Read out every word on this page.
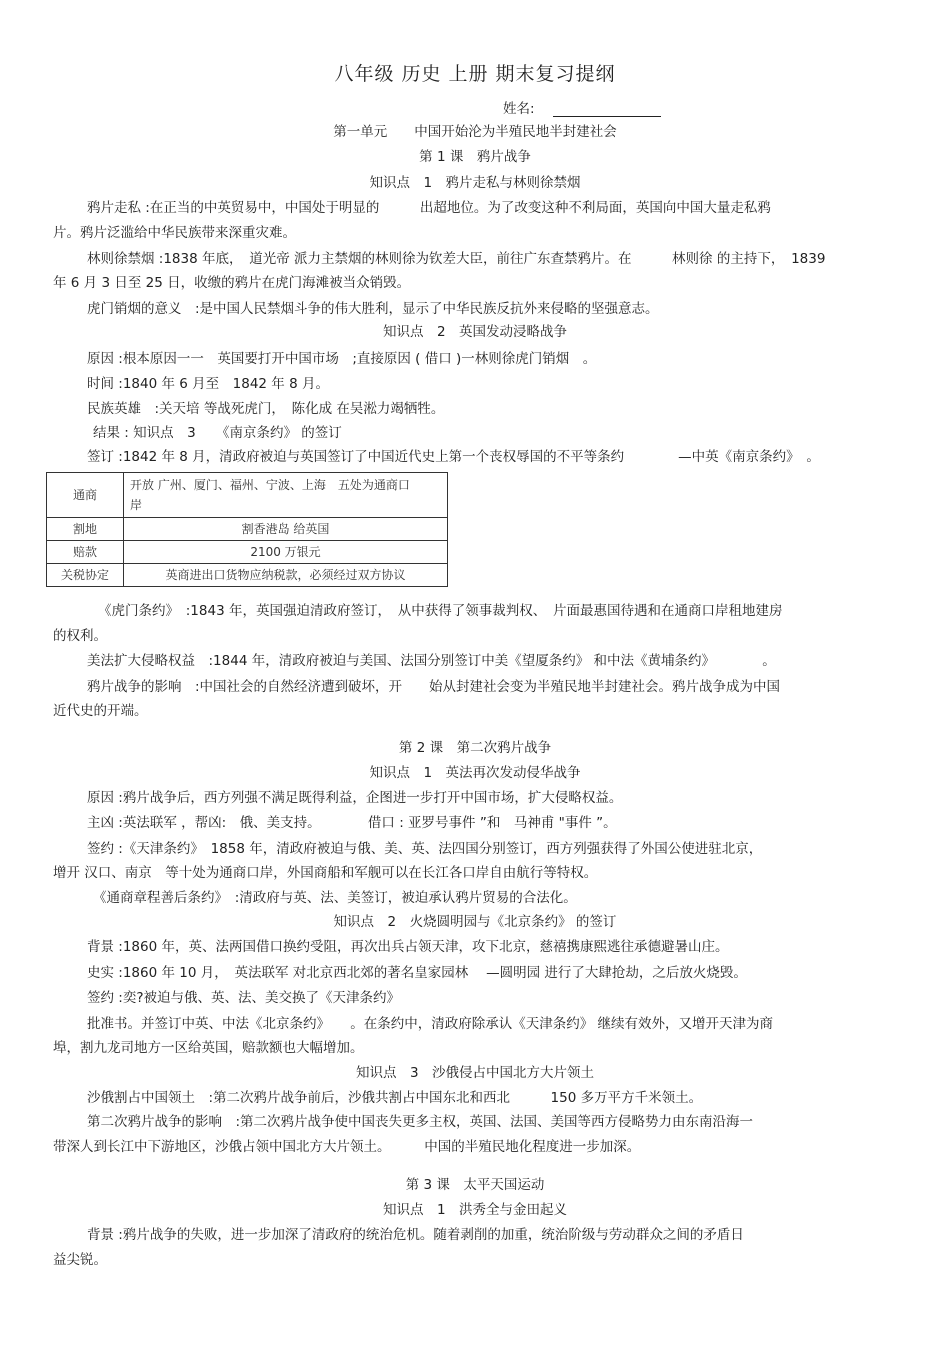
八年级 历史 上册 期末复习提纲
姓名:
第一单元　　中国开始沦为半殖民地半封建社会
第 1 课　鸦片战争
知识点　1　鸦片走私与林则徐禁烟
鸦片走私 :在正当的中英贸易中，中国处于明显的　　　出超地位。为了改变这种不利局面，英国向中国大量走私鸦
片。鸦片泛滥给中华民族带来深重灾难。
林则徐禁烟 :1838 年底，　道光帝 派力主禁烟的林则徐为钦差大臣，前往广东查禁鸦片。在　　　林则徐 的主持下，　1839
年 6 月 3 日至 25 日，收缴的鸦片在虎门海滩被当众销毁。
虎门销烟的意义　:是中国人民禁烟斗争的伟大胜利，显示了中华民族反抗外来侵略的坚强意志。
知识点　2　英国发动浸略战争
原因 :根本原因一一　英国要打开中国市场　;直接原因 ( 借口 )一林则徐虎门销烟　。
时间 :1840 年 6 月至　1842 年 8 月。
民族英雄　:关天培 等战死虎门，　陈化成 在吴淞力竭牺牲。
结果 : 知识点　3　　《南京条约》 的签订
签订 :1842 年 8 月，清政府被迫与英国签订了中国近代史上第一个丧权辱国的不平等条约　　　　—中英《南京条约》　。
通商	开放 广州、厦门、福州、宁波、上海　五处为通商口
岸

割地	割香港岛 给英国
赔款	2100 万银元
关税协定	英商进出口货物应纳税款，必须经过双方协议
《虎门条约》　:1843 年，英国强迫清政府签订，　从中获得了领事裁判权、　片面最惠国待遇和在通商口岸租地建房
的权利。
美法扩大侵略权益　:1844 年，清政府被迫与美国、法国分别签订中美《望厦条约》 和中法《黄埔条约》　　　　。
鸦片战争的影响　:中国社会的自然经济遭到破坏，开　　始从封建社会变为半殖民地半封建社会。鸦片战争成为中国
近代史的开端。
第 2 课　第二次鸦片战争
知识点　1　英法再次发动侵华战争
原因 :鸦片战争后，西方列强不满足既得利益，企图进一步打开中国市场，扩大侵略权益。
主凶 :英法联军 ，帮凶:　俄、美支持。　　　　借口 : 亚罗号事件 ”和　马神甫 "事件 ”。
签约 :《天津条约》　1858 年，清政府被迫与俄、美、英、法四国分别签订，西方列强获得了外国公使进驻北京，
增开 汉口、南京　等十处为通商口岸，外国商船和军舰可以在长江各口岸自由航行等特权。
《通商章程善后条约》　:清政府与英、法、美签订，被迫承认鸦片贸易的合法化。
知识点　2　火烧圆明园与《北京条约》 的签订
背景 :1860 年，英、法两国借口换约受阻，再次出兵占领天津，攻下北京，慈禧携康熙逃往承德避暑山庄。
史实 :1860 年 10 月，　英法联军 对北京西北郊的著名皇家园林　 —圆明园 进行了大肆抢劫，之后放火烧毁。
签约 :奕?被迫与俄、英、法、美交换了《天津条约》
批准书。并签订中英、中法《北京条约》　　。在条约中，清政府除承认《天津条约》 继续有效外，又增开天津为商
埠，割九龙司地方一区给英国，赔款额也大幅增加。
知识点　3　沙俄侵占中国北方大片领土
沙俄割占中国领土　:第二次鸦片战争前后，沙俄共割占中国东北和西北　　　150 多万平方千米领土。
第二次鸦片战争的影响　:第二次鸦片战争使中国丧失更多主权，英国、法国、美国等西方侵略势力由东南沿海一
带深人到长江中下游地区，沙俄占领中国北方大片领土。　　　中国的半殖民地化程度进一步加深。
第 3 课　太平天国运动
知识点　1　洪秀全与金田起义
背景 :鸦片战争的失败，进一步加深了清政府的统治危机。随着剥削的加重，统治阶级与劳动群众之间的矛盾日
益尖锐。
